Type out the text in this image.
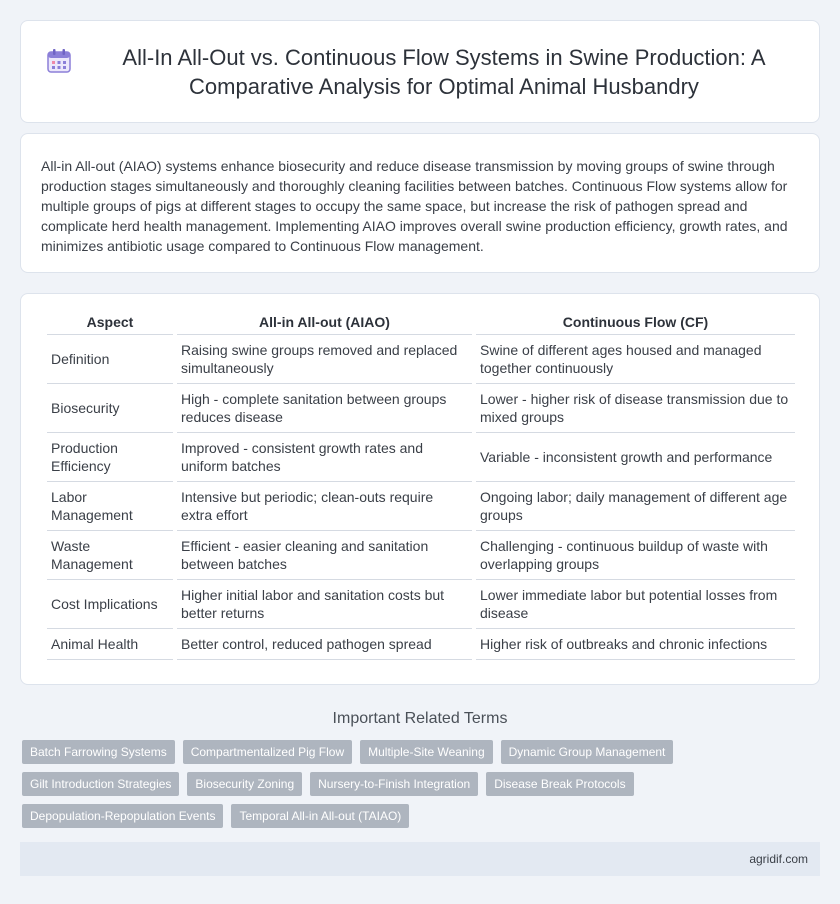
All-In All-Out vs. Continuous Flow Systems in Swine Production: A Comparative Analysis for Optimal Animal Husbandry

All-in All-out (AIAO) systems enhance biosecurity and reduce disease transmission by moving groups of swine through production stages simultaneously and thoroughly cleaning facilities between batches. Continuous Flow systems allow for multiple groups of pigs at different stages to occupy the same space, but increase the risk of pathogen spread and complicate herd health management. Implementing AIAO improves overall swine production efficiency, growth rates, and minimizes antibiotic usage compared to Continuous Flow management.

Aspect	All-in All-out (AIAO)	Continuous Flow (CF)
Definition	Raising swine groups removed and replaced simultaneously	Swine of different ages housed and managed together continuously
Biosecurity	High - complete sanitation between groups reduces disease	Lower - higher risk of disease transmission due to mixed groups
Production Efficiency	Improved - consistent growth rates and uniform batches	Variable - inconsistent growth and performance
Labor Management	Intensive but periodic; clean-outs require extra effort	Ongoing labor; daily management of different age groups
Waste Management	Efficient - easier cleaning and sanitation between batches	Challenging - continuous buildup of waste with overlapping groups
Cost Implications	Higher initial labor and sanitation costs but better returns	Lower immediate labor but potential losses from disease
Animal Health	Better control, reduced pathogen spread	Higher risk of outbreaks and chronic infections
Important Related Terms
Batch Farrowing Systems	Compartmentalized Pig Flow	Multiple-Site Weaning	Dynamic Group Management
Gilt Introduction Strategies	Biosecurity Zoning	Nursery-to-Finish Integration	Disease Break Protocols
Depopulation-Repopulation Events	Temporal All-in All-out (TAIAO)
agridif.com
